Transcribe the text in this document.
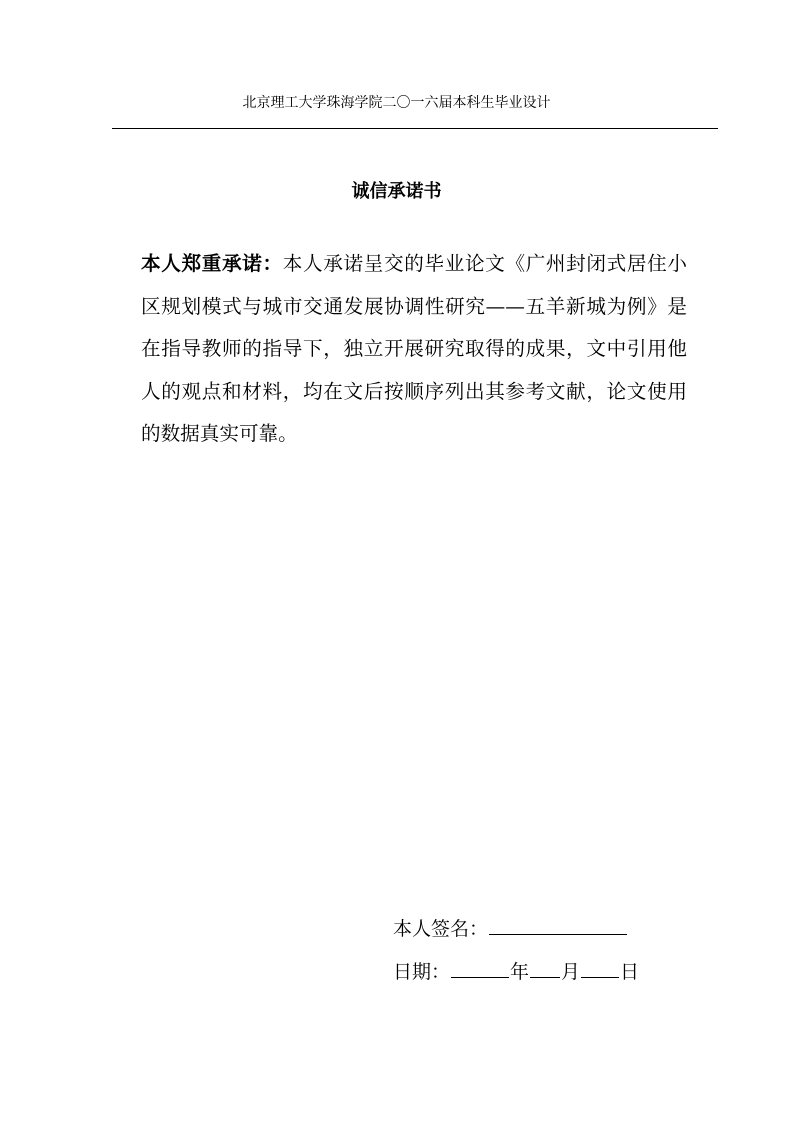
北京理工大学珠海学院二〇一六届本科生毕业设计
诚信承诺书
本人郑重承诺：本人承诺呈交的毕业论文《广州封闭式居住小区规划模式与城市交通发展协调性研究——五羊新城为例》是在指导教师的指导下，独立开展研究取得的成果，文中引用他人的观点和材料，均在文后按顺序列出其参考文献，论文使用的数据真实可靠。
本人签名：
日期：	年 月 日
